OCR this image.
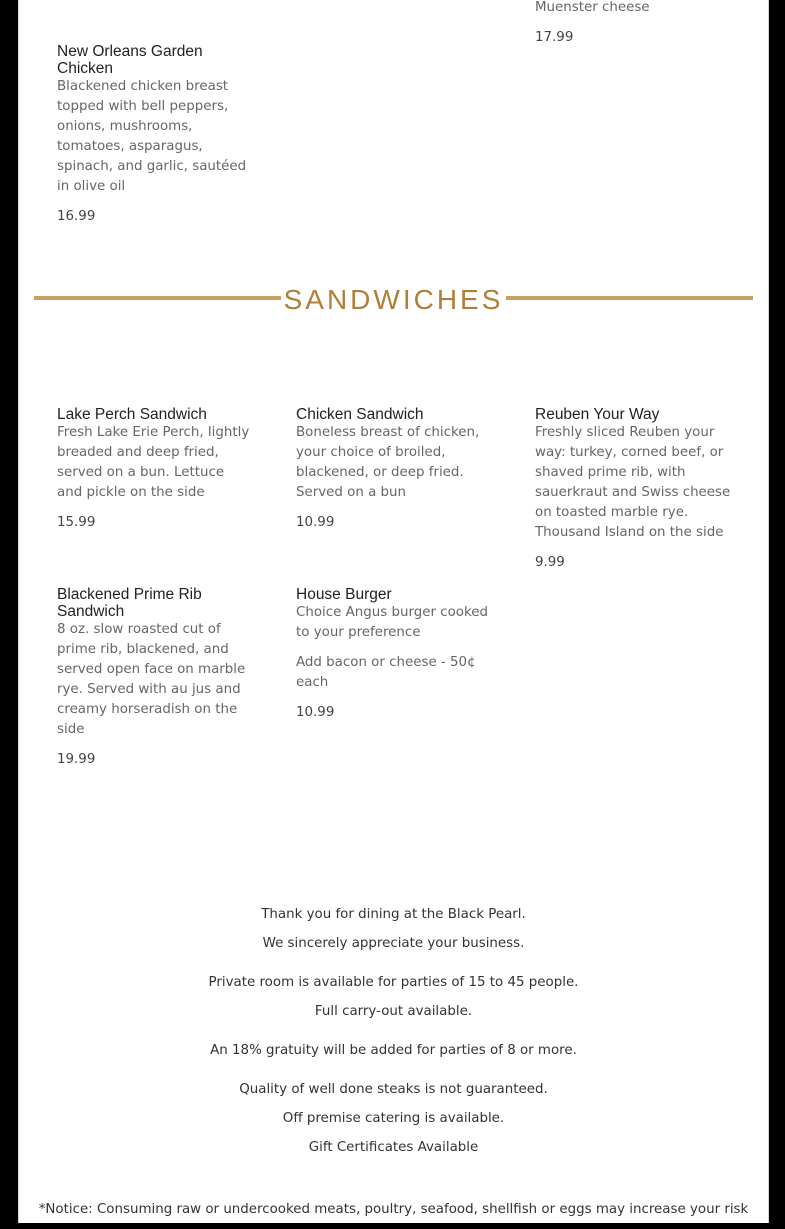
Muenster cheese
17.99

New Orleans Garden Chicken

Blackened chicken breast topped with bell peppers, onions, mushrooms, tomatoes, asparagus, spinach, and garlic, sautéed in olive oil

16.99

SANDWICHES

Lake Perch Sandwich

Fresh Lake Erie Perch, lightly breaded and deep fried, served on a bun. Lettuce and pickle on the side

15.99

Chicken Sandwich

Boneless breast of chicken, your choice of broiled, blackened, or deep fried. Served on a bun

10.99

Reuben Your Way

Freshly sliced Reuben your way: turkey, corned beef, or shaved prime rib, with sauerkraut and Swiss cheese on toasted marble rye. Thousand Island on the side

9.99

Blackened Prime Rib Sandwich

8 oz. slow roasted cut of prime rib, blackened, and served open face on marble rye. Served with au jus and creamy horseradish on the side

19.99

House Burger

Choice Angus burger cooked to your preference

Add bacon or cheese - 50¢ each

10.99

Thank you for dining at the Black Pearl.

We sincerely appreciate your business.

Private room is available for parties of 15 to 45 people.

Full carry-out available.

An 18% gratuity will be added for parties of 8 or more.

Quality of well done steaks is not guaranteed.

Off premise catering is available.

Gift Certificates Available

*Notice: Consuming raw or undercooked meats, poultry, seafood, shellfish or eggs may increase your risk
